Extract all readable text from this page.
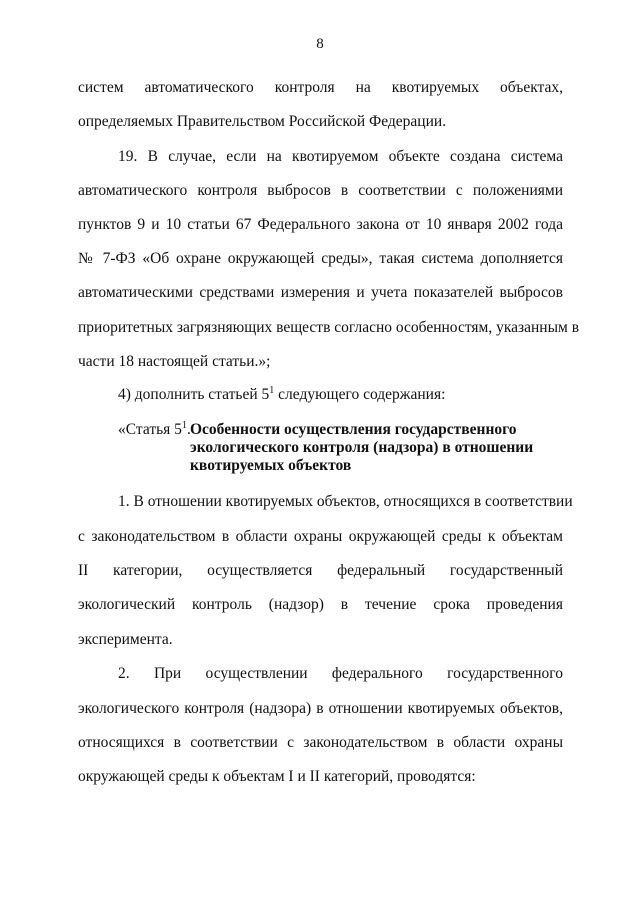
8
систем автоматического контроля на квотируемых объектах,
определяемых Правительством Российской Федерации.
19. В случае, если на квотируемом объекте создана система
автоматического контроля выбросов в соответствии с положениями
пунктов 9 и 10 статьи 67 Федерального закона от 10 января 2002 года
№ 7-ФЗ «Об охране окружающей среды», такая система дополняется
автоматическими средствами измерения и учета показателей выбросов
приоритетных загрязняющих веществ согласно особенностям, указанным в
части 18 настоящей статьи.»;
4) дополнить статьей $5^1$ следующего содержания:
«Статья $5^1$. Особенности осуществления государственного
экологического контроля (надзора) в отношении
квотируемых объектов
1. В отношении квотируемых объектов, относящихся в соответствии
с законодательством в области охраны окружающей среды к объектам
II категории, осуществляется федеральный государственный
экологический контроль (надзор) в течение срока проведения
эксперимента.
2. При осуществлении федерального государственного
экологического контроля (надзора) в отношении квотируемых объектов,
относящихся в соответствии с законодательством в области охраны
окружающей среды к объектам I и II категорий, проводятся:
